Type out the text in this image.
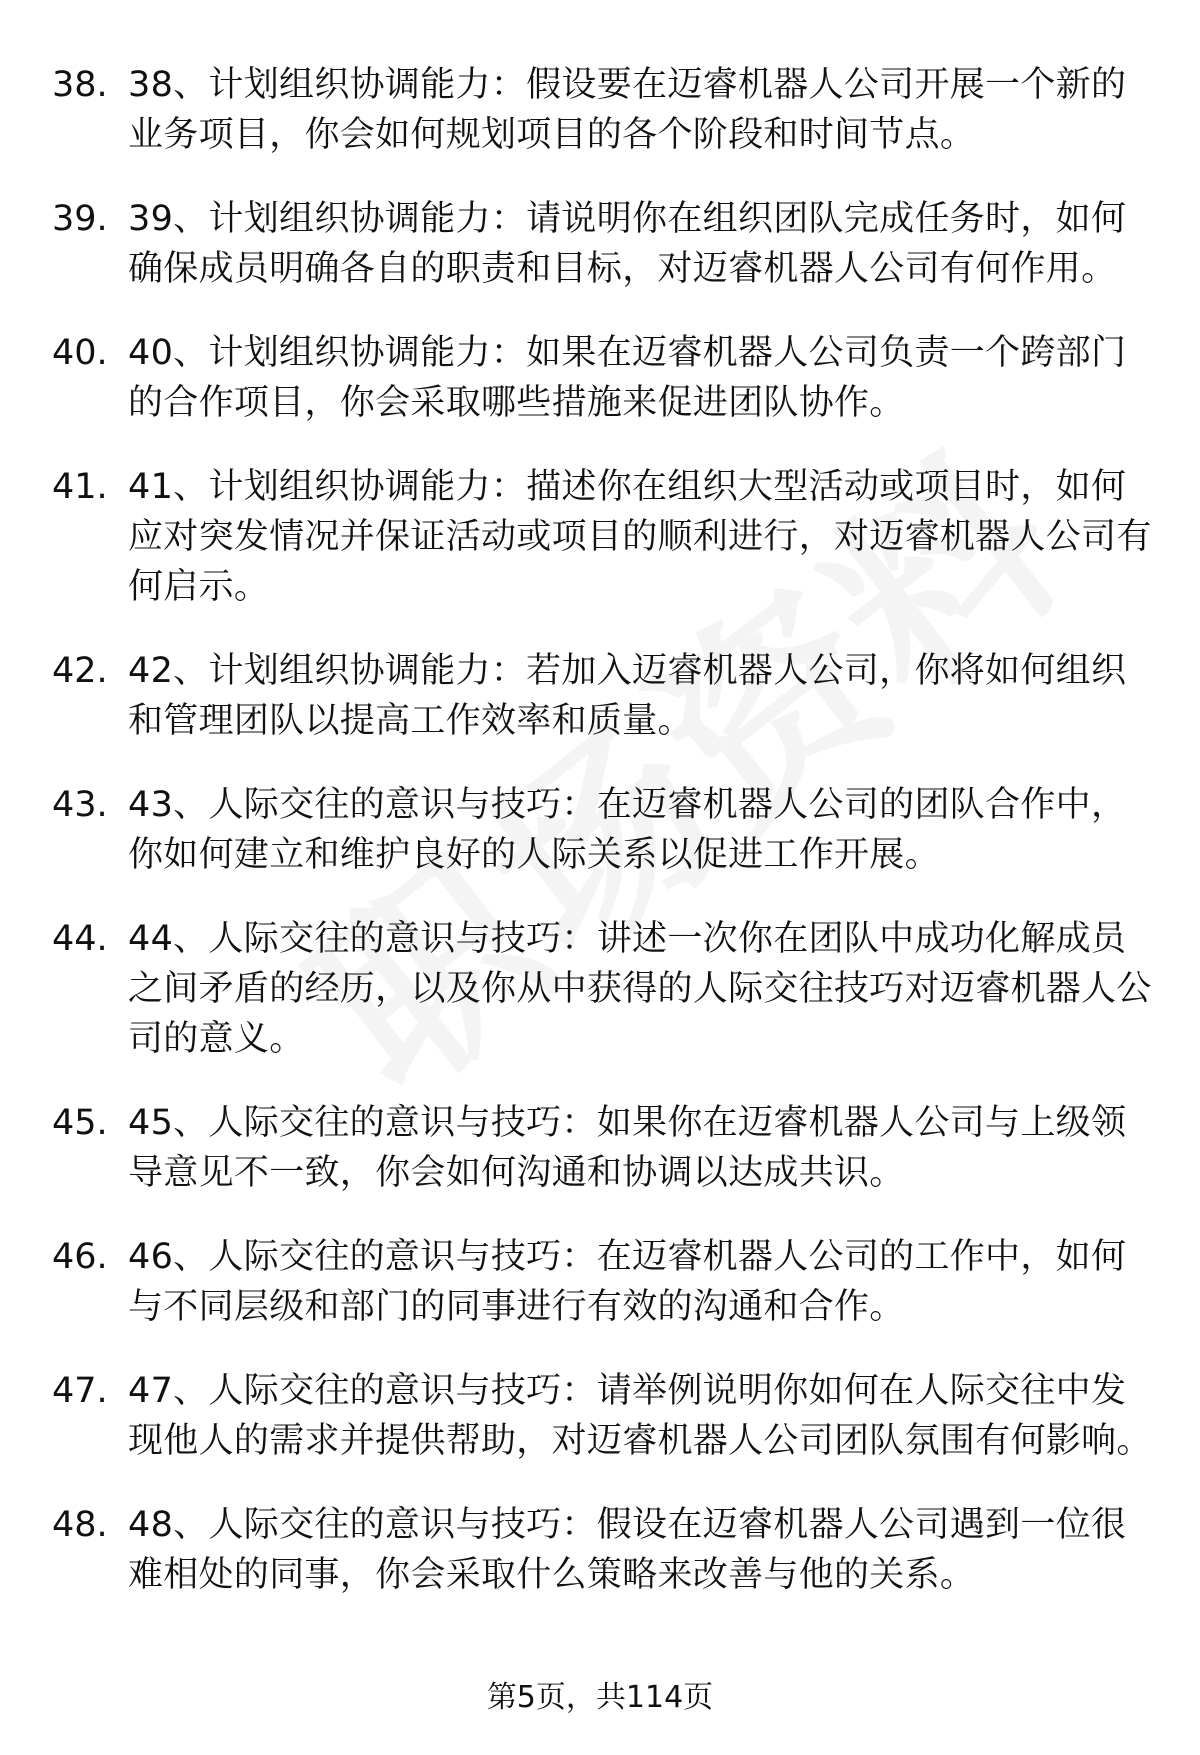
38. 38、计划组织协调能力：假设要在迈睿机器人公司开展一个新的业务项目，你会如何规划项目的各个阶段和时间节点。
39. 39、计划组织协调能力：请说明你在组织团队完成任务时，如何确保成员明确各自的职责和目标，对迈睿机器人公司有何作用。
40. 40、计划组织协调能力：如果在迈睿机器人公司负责一个跨部门的合作项目，你会采取哪些措施来促进团队协作。
41. 41、计划组织协调能力：描述你在组织大型活动或项目时，如何应对突发情况并保证活动或项目的顺利进行，对迈睿机器人公司有何启示。
42. 42、计划组织协调能力：若加入迈睿机器人公司，你将如何组织和管理团队以提高工作效率和质量。
43. 43、人际交往的意识与技巧：在迈睿机器人公司的团队合作中，你如何建立和维护良好的人际关系以促进工作开展。
44. 44、人际交往的意识与技巧：讲述一次你在团队中成功化解成员之间矛盾的经历，以及你从中获得的人际交往技巧对迈睿机器人公司的意义。
45. 45、人际交往的意识与技巧：如果你在迈睿机器人公司与上级领导意见不一致，你会如何沟通和协调以达成共识。
46. 46、人际交往的意识与技巧：在迈睿机器人公司的工作中，如何与不同层级和部门的同事进行有效的沟通和合作。
47. 47、人际交往的意识与技巧：请举例说明你如何在人际交往中发现他人的需求并提供帮助，对迈睿机器人公司团队氛围有何影响。
48. 48、人际交往的意识与技巧：假设在迈睿机器人公司遇到一位很难相处的同事，你会采取什么策略来改善与他的关系。
第5页，共114页
